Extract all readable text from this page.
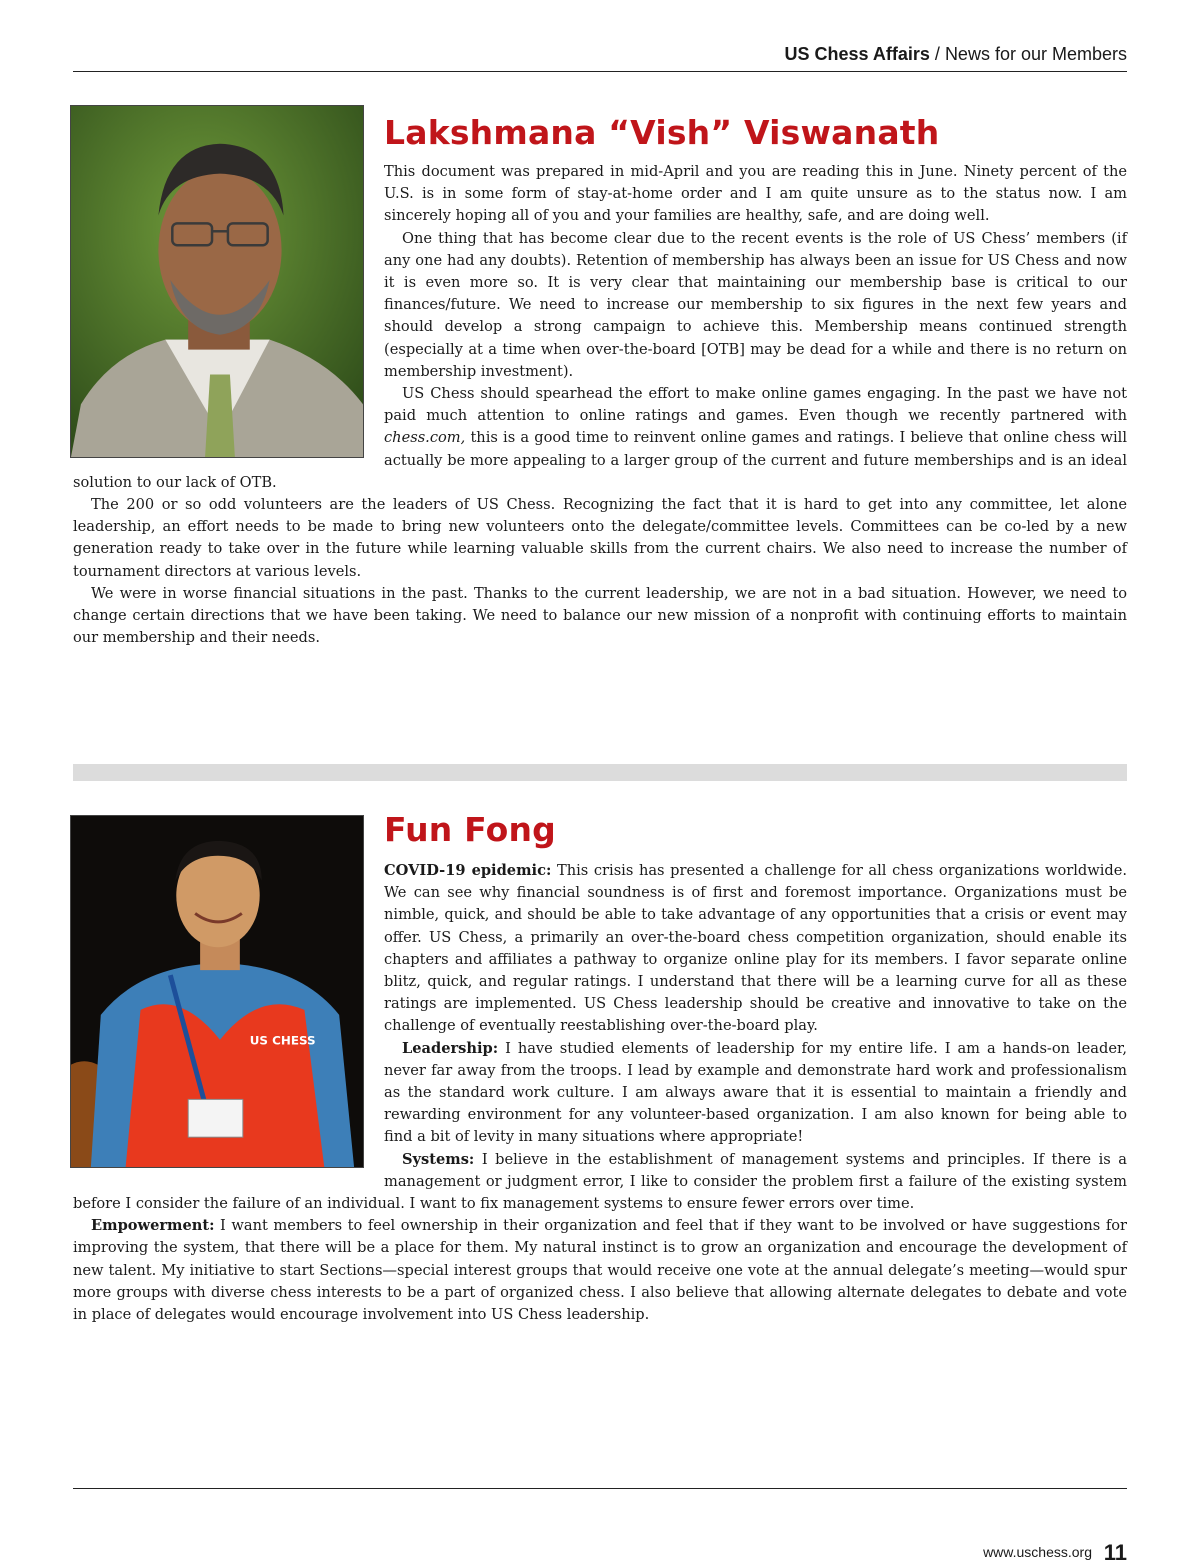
US Chess Affairs / News for our Members
Lakshmana “Vish” Viswanath

This document was prepared in mid-April and you are reading this in June. Ninety percent of the U.S. is in some form of stay-at-home order and I am quite unsure as to the status now. I am sincerely hoping all of you and your families are healthy, safe, and are doing well.

One thing that has become clear due to the recent events is the role of US Chess’ members (if any one had any doubts). Retention of membership has always been an issue for US Chess and now it is even more so. It is very clear that maintaining our membership base is critical to our finances/future. We need to increase our membership to six figures in the next few years and should develop a strong campaign to achieve this. Membership means continued strength (especially at a time when over-the-board [OTB] may be dead for a while and there is no return on membership investment).

US Chess should spearhead the effort to make online games engaging. In the past we have not paid much attention to online ratings and games. Even though we recently partnered with chess.com, this is a good time to reinvent online games and ratings. I believe that online chess will actually be more appealing to a larger group of the current and future memberships and is an ideal solution to our lack of OTB.

The 200 or so odd volunteers are the leaders of US Chess. Recognizing the fact that it is hard to get into any committee, let alone leadership, an effort needs to be made to bring new volunteers onto the delegate/committee levels. Committees can be co-led by a new generation ready to take over in the future while learning valuable skills from the current chairs. We also need to increase the number of tournament directors at various levels.

We were in worse financial situations in the past. Thanks to the current leadership, we are not in a bad situation. However, we need to change certain directions that we have been taking. We need to balance our new mission of a nonprofit with continuing efforts to maintain our membership and their needs.

US CHESS
Fun Fong

COVID-19 epidemic: This crisis has presented a challenge for all chess organizations worldwide. We can see why financial soundness is of first and foremost importance. Organizations must be nimble, quick, and should be able to take advantage of any opportunities that a crisis or event may offer. US Chess, a primarily an over-the-board chess competition organization, should enable its chapters and affiliates a pathway to organize online play for its members. I favor separate online blitz, quick, and regular ratings. I understand that there will be a learning curve for all as these ratings are implemented. US Chess leadership should be creative and innovative to take on the challenge of eventually reestablishing over-the-board play.

Leadership: I have studied elements of leadership for my entire life. I am a hands-on leader, never far away from the troops. I lead by example and demonstrate hard work and professionalism as the standard work culture. I am always aware that it is essential to maintain a friendly and rewarding environment for any volunteer-based organization. I am also known for being able to find a bit of levity in many situations where appropriate!

Systems: I believe in the establishment of management systems and principles. If there is a management or judgment error, I like to consider the problem first a failure of the existing system before I consider the failure of an individual. I want to fix management systems to ensure fewer errors over time.

Empowerment: I want members to feel ownership in their organization and feel that if they want to be involved or have suggestions for improving the system, that there will be a place for them. My natural instinct is to grow an organization and encourage the development of new talent. My initiative to start Sections—special interest groups that would receive one vote at the annual delegate’s meeting—would spur more groups with diverse chess interests to be a part of organized chess. I also believe that allowing alternate delegates to debate and vote in place of delegates would encourage involvement into US Chess leadership.

www.uschess.org 11
